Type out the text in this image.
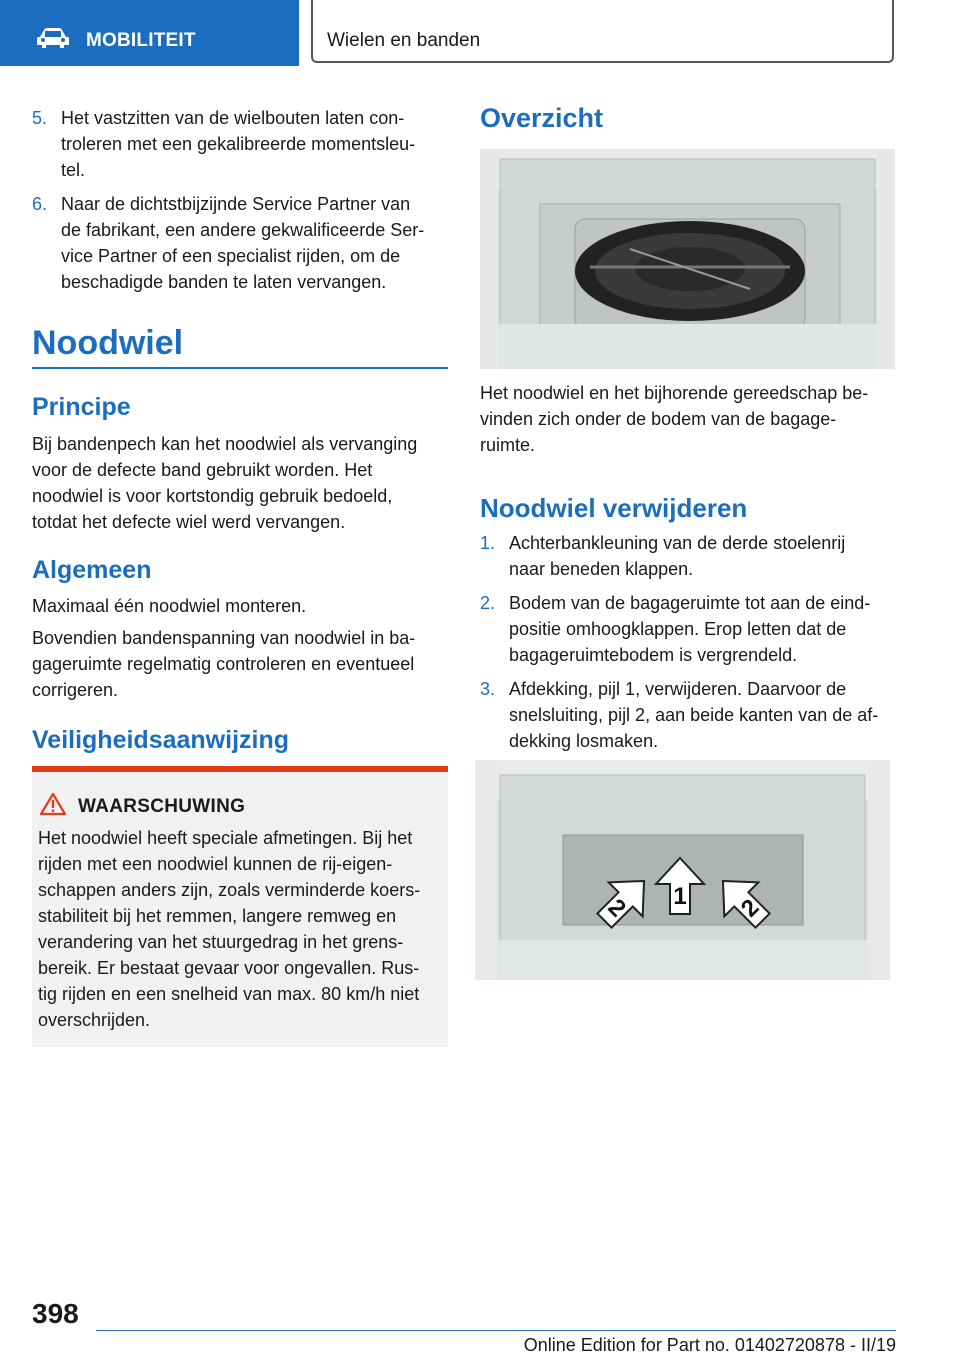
MOBILITEIT	Wielen en banden
5. Het vastzitten van de wielbouten laten con‐
troleren met een gekalibreerde momentsleu‐
tel.
6. Naar de dichtstbijzijnde Service Partner van
de fabrikant, een andere gekwalificeerde Ser‐
vice Partner of een specialist rijden, om de
beschadigde banden te laten vervangen.
Noodwiel
Principe

Bij bandenpech kan het noodwiel als vervanging
voor de defecte band gebruikt worden. Het
noodwiel is voor kortstondig gebruik bedoeld,
totdat het defecte wiel werd vervangen.

Algemeen

Maximaal één noodwiel monteren.

Bovendien bandenspanning van noodwiel in ba‐
gageruimte regelmatig controleren en eventueel
corrigeren.

Veiligheidsaanwijzing
WAARSCHUWING

Het noodwiel heeft speciale afmetingen. Bij het
rijden met een noodwiel kunnen de rij-eigen‐
schappen anders zijn, zoals verminderde koers‐
stabiliteit bij het remmen, langere remweg en
verandering van het stuurgedrag in het grens‐
bereik. Er bestaat gevaar voor ongevallen. Rus‐
tig rijden en een snelheid van max. 80 km/h niet
overschrijden.

Overzicht

Het noodwiel en het bijhorende gereedschap be‐
vinden zich onder de bodem van de bagage‐
ruimte.

Noodwiel verwijderen
1. Achterbankleuning van de derde stoelenrij
naar beneden klappen.
2. Bodem van de bagageruimte tot aan de eind‐
positie omhoogklappen. Erop letten dat de
bagageruimtebodem is vergrendeld.
3. Afdekking, pijl 1, verwijderen. Daarvoor de
snelsluiting, pijl 2, aan beide kanten van de af‐
dekking losmaken.
2 1 2
398
Online Edition for Part no. 01402720878 - II/19
